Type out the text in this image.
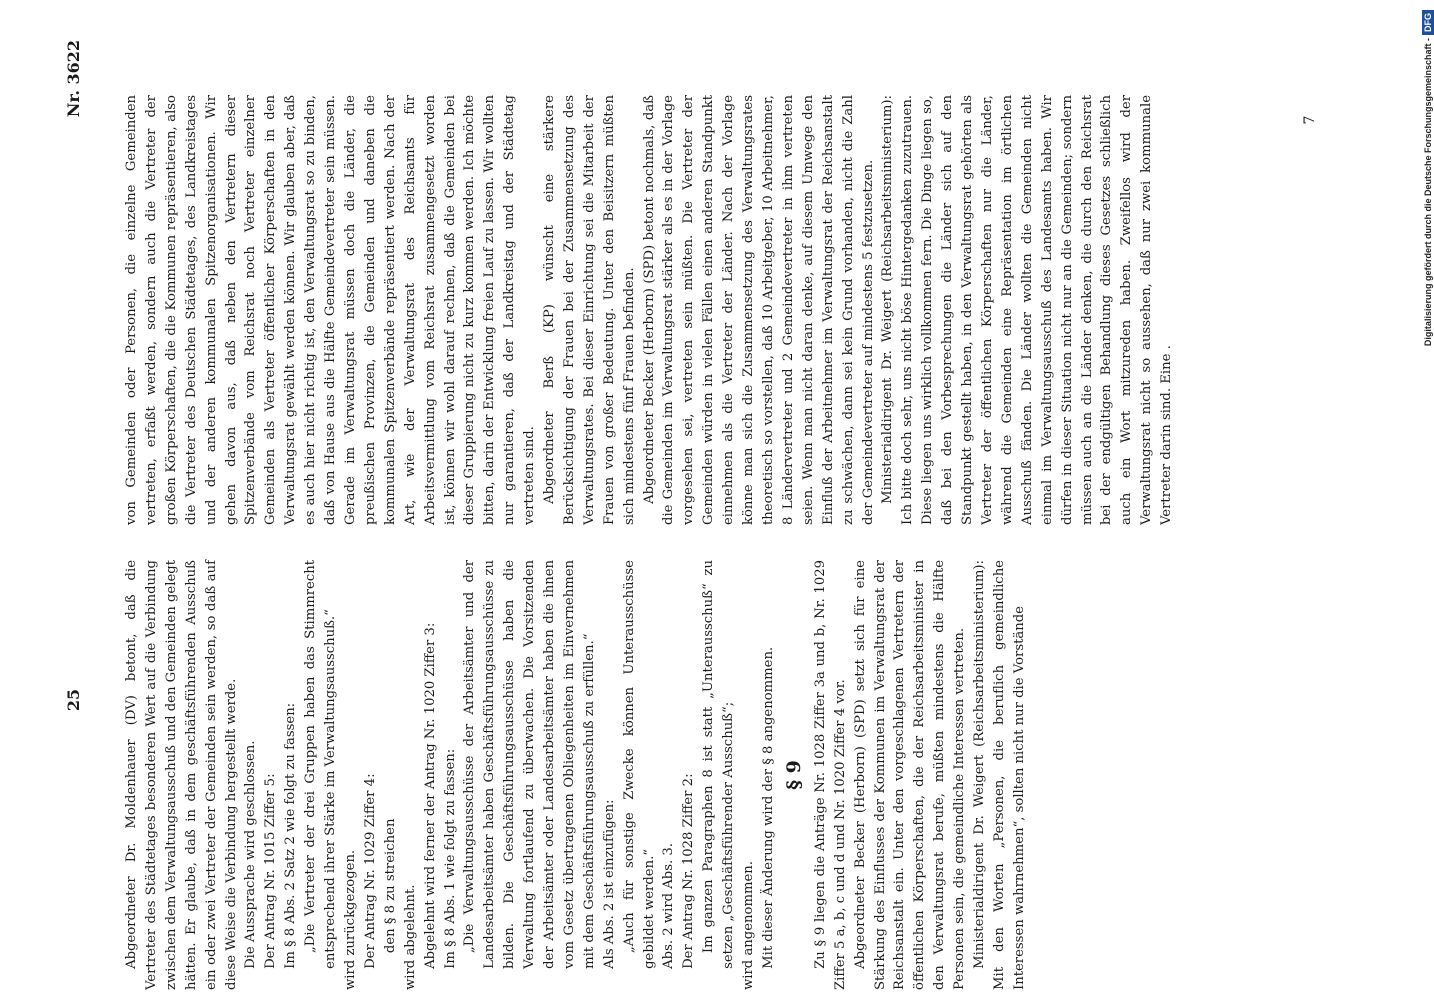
25
Nr. 3622

Abgeordneter Dr. Moldenhauer (DV) betont, daß die Vertreter des Städtetages besonderen Wert auf die Verbindung zwischen dem Verwaltungsausschuß und den Gemeinden gelegt hätten. Er glaube, daß in dem geschäftsführenden Ausschuß ein oder zwei Vertreter der Gemeinden sein werden, so daß auf diese Weise die Verbindung hergestellt werde. Die Aussprache wird geschlossen. Der Antrag Nr. 1015 Ziffer 5: Im § 8 Abs. 2 Satz 2 wie folgt zu fassen: „Die Vertreter der drei Gruppen haben das Stimmrecht entsprechend ihrer Stärke im Verwaltungsausschuß.“ wird zurückgezogen. Der Antrag Nr. 1029 Ziffer 4: den § 8 zu streichen wird abgelehnt. Abgelehnt wird ferner der Antrag Nr. 1020 Ziffer 3: Im § 8 Abs. 1 wie folgt zu fassen: „Die Verwaltungsausschüsse der Arbeitsämter und der Landesarbeitsämter haben Geschäftsführungsausschüsse zu bilden. Die Geschäftsführungsausschüsse haben die Verwaltung fortlaufend zu überwachen. Die Vorsitzenden der Arbeitsämter oder Landesarbeitsämter haben die ihnen vom Gesetz übertragenen Obliegenheiten im Einvernehmen mit dem Geschäftsführungsausschuß zu erfüllen.“ Als Abs. 2 ist einzufügen: „Auch für sonstige Zwecke können Unterausschüsse gebildet werden.“ Abs. 2 wird Abs. 3. Der Antrag Nr. 1028 Ziffer 2: Im ganzen Paragraphen 8 ist statt „Unterausschuß“ zu setzen „Geschäftsführender Ausschuß“; wird angenommen. Mit dieser Änderung wird der § 8 angenommen. § 9 Zu § 9 liegen die Anträge Nr. 1028 Ziffer 3a und b, Nr. 1029 Ziffer 5 a, b, c und d und Nr. 1020 Ziffer 4 vor. Abgeordneter Becker (Herborn) (SPD) setzt sich für eine Stärkung des Einflusses der Kommunen im Verwaltungsrat der Reichsanstalt ein. Unter den vorgeschlagenen Vertretern der öffentlichen Körperschaften, die der Reichsarbeitsminister in den Verwaltungsrat berufe, müßten mindestens die Hälfte Personen sein, die gemeindliche Interessen vertreten. Ministerialdirigent Dr. Weigert (Reichsarbeitsministerium): Mit den Worten „Personen, die beruflich gemeindliche Interessen wahrnehmen“, sollten nicht nur die Vorstände

von Gemeinden oder Personen, die einzelne Gemeinden vertreten, erfaßt werden, sondern auch die Vertreter der großen Körperschaften, die die Kommunen repräsentieren, also die Vertreter des Deutschen Städtetages, des Landkreistages und der anderen kommunalen Spitzenorganisationen. Wir gehen davon aus, daß neben den Vertretern dieser Spitzenverbände vom Reichsrat noch Vertreter einzelner Gemeinden als Vertreter öffentlicher Körperschaften in den Verwaltungsrat gewählt werden können. Wir glauben aber, daß es auch hier nicht richtig ist, den Verwaltungsrat so zu binden, daß von Hause aus die Hälfte Gemeindevertreter sein müssen. Gerade im Verwaltungsrat müssen doch die Länder, die preußischen Provinzen, die Gemeinden und daneben die kommunalen Spitzenverbände repräsentiert werden. Nach der Art, wie der Verwaltungsrat des Reichsamts für Arbeitsvermittlung vom Reichsrat zusammengesetzt worden ist, können wir wohl darauf rechnen, daß die Gemeinden bei dieser Gruppierung nicht zu kurz kommen werden. Ich möchte bitten, darin der Entwicklung freien Lauf zu lassen. Wir wollten nur garantieren, daß der Landkreistag und der Städtetag vertreten sind. Abgeordneter Berß (KP) wünscht eine stärkere Berücksichtigung der Frauen bei der Zusammensetzung des Verwaltungsrates. Bei dieser Einrichtung sei die Mitarbeit der Frauen von großer Bedeutung. Unter den Beisitzern müßten sich mindestens fünf Frauen befinden. Abgeordneter Becker (Herborn) (SPD) betont nochmals, daß die Gemeinden im Verwaltungsrat stärker als es in der Vorlage vorgesehen sei, vertreten sein müßten. Die Vertreter der Gemeinden würden in vielen Fällen einen anderen Standpunkt einnehmen als die Vertreter der Länder. Nach der Vorlage könne man sich die Zusammensetzung des Verwaltungsrates theoretisch so vorstellen, daß 10 Arbeitgeber, 10 Arbeitnehmer, 8 Ländervertreter und 2 Gemeindevertreter in ihm vertreten seien. Wenn man nicht daran denke, auf diesem Umwege den Einfluß der Arbeitnehmer im Verwaltungsrat der Reichsanstalt zu schwächen, dann sei kein Grund vorhanden, nicht die Zahl der Gemeindevertreter auf mindestens 5 festzusetzen. Ministerialdirigent Dr. Weigert (Reichsarbeitsministerium): Ich bitte doch sehr, uns nicht böse Hintergedanken zuzutrauen. Diese liegen uns wirklich vollkommen fern. Die Dinge liegen so, daß bei den Vorbesprechungen die Länder sich auf den Standpunkt gestellt haben, in den Verwaltungsrat gehörten als Vertreter der öffentlichen Körperschaften nur die Länder, während die Gemeinden eine Repräsentation im örtlichen Ausschuß fänden. Die Länder wollten die Gemeinden nicht einmal im Verwaltungsausschuß des Landesamts haben. Wir dürfen in dieser Situation nicht nur an die Gemeinden; sondern müssen auch an die Länder denken, die durch den Reichsrat bei der endgültigen Behandlung dieses Gesetzes schließlich auch ein Wort mitzureden haben. Zweifellos wird der Verwaltungsrat nicht so aussehen, daß nur zwei kommunale Vertreter darin sind. Eine .

7	Digitalisierung gefördert durch die Deutsche Forschungsgemeinschaft -DFG
